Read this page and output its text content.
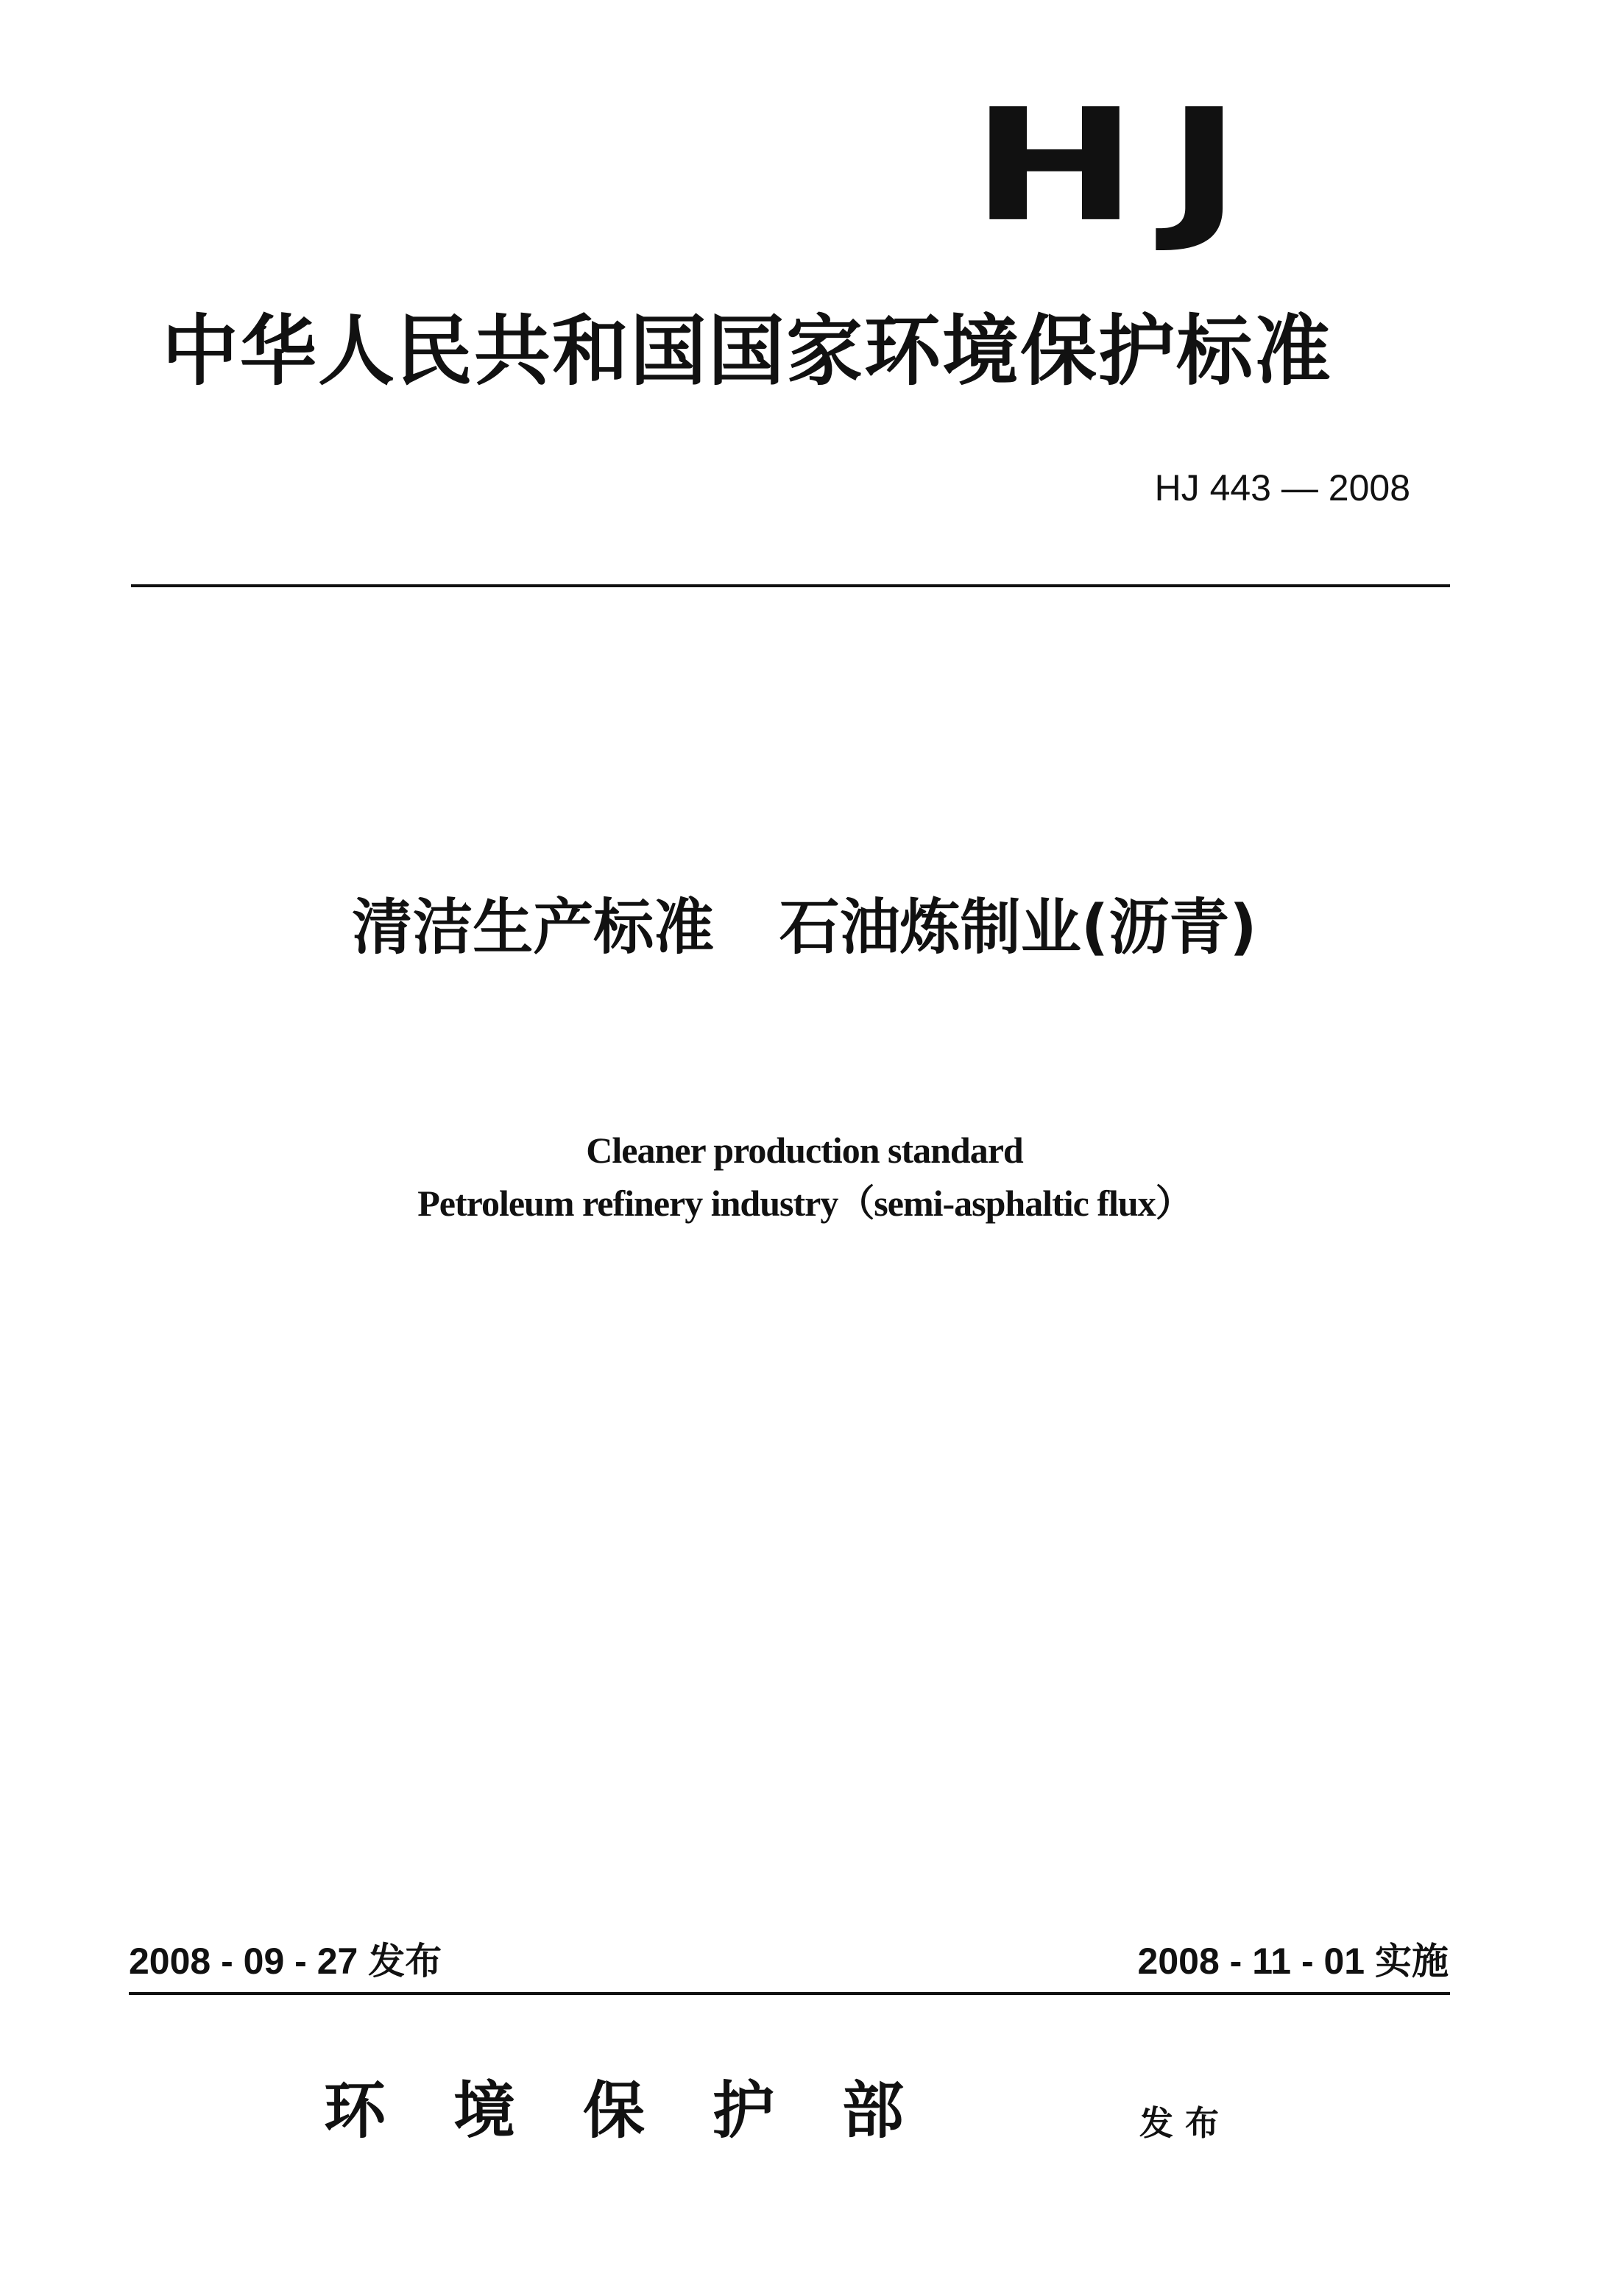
HJ
中华人民共和国国家环境保护标准
HJ 443 — 2008
清洁生产标准 石油炼制业(沥青)
Cleaner production standard
Petroleum refinery industry（semi-asphaltic flux）
2008 - 09 - 27 发布	2008 - 11 - 01 实施
环境保护部	发布
